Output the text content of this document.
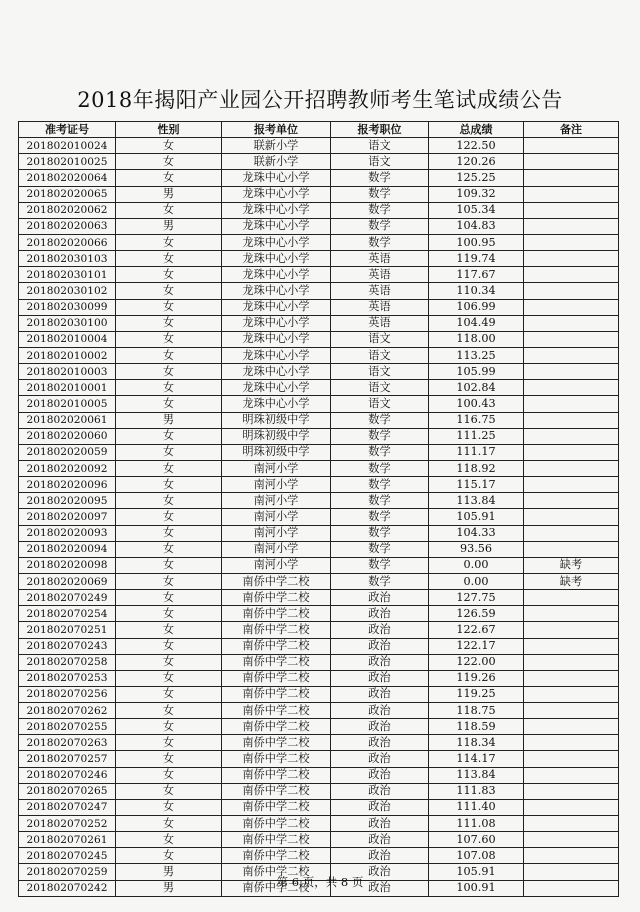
2018年揭阳产业园公开招聘教师考生笔试成绩公告
准考证号	性别	报考单位	报考职位	总成绩	备注
201802010024	女	联新小学	语文	122.50	
201802010025	女	联新小学	语文	120.26	
201802020064	女	龙珠中心小学	数学	125.25	
201802020065	男	龙珠中心小学	数学	109.32	
201802020062	女	龙珠中心小学	数学	105.34	
201802020063	男	龙珠中心小学	数学	104.83	
201802020066	女	龙珠中心小学	数学	100.95	
201802030103	女	龙珠中心小学	英语	119.74	
201802030101	女	龙珠中心小学	英语	117.67	
201802030102	女	龙珠中心小学	英语	110.34	
201802030099	女	龙珠中心小学	英语	106.99	
201802030100	女	龙珠中心小学	英语	104.49	
201802010004	女	龙珠中心小学	语文	118.00	
201802010002	女	龙珠中心小学	语文	113.25	
201802010003	女	龙珠中心小学	语文	105.99	
201802010001	女	龙珠中心小学	语文	102.84	
201802010005	女	龙珠中心小学	语文	100.43	
201802020061	男	明珠初级中学	数学	116.75	
201802020060	女	明珠初级中学	数学	111.25	
201802020059	女	明珠初级中学	数学	111.17	
201802020092	女	南河小学	数学	118.92	
201802020096	女	南河小学	数学	115.17	
201802020095	女	南河小学	数学	113.84	
201802020097	女	南河小学	数学	105.91	
201802020093	女	南河小学	数学	104.33	
201802020094	女	南河小学	数学	93.56	
201802020098	女	南河小学	数学	0.00	缺考
201802020069	女	南侨中学二校	数学	0.00	缺考
201802070249	女	南侨中学二校	政治	127.75	
201802070254	女	南侨中学二校	政治	126.59	
201802070251	女	南侨中学二校	政治	122.67	
201802070243	女	南侨中学二校	政治	122.17	
201802070258	女	南侨中学二校	政治	122.00	
201802070253	女	南侨中学二校	政治	119.26	
201802070256	女	南侨中学二校	政治	119.25	
201802070262	女	南侨中学二校	政治	118.75	
201802070255	女	南侨中学二校	政治	118.59	
201802070263	女	南侨中学二校	政治	118.34	
201802070257	女	南侨中学二校	政治	114.17	
201802070246	女	南侨中学二校	政治	113.84	
201802070265	女	南侨中学二校	政治	111.83	
201802070247	女	南侨中学二校	政治	111.40	
201802070252	女	南侨中学二校	政治	111.08	
201802070261	女	南侨中学二校	政治	107.60	
201802070245	女	南侨中学二校	政治	107.08	
201802070259	男	南侨中学二校	政治	105.91	
201802070242	男	南侨中学二校	政治	100.91	
第 6 页，共 8 页
